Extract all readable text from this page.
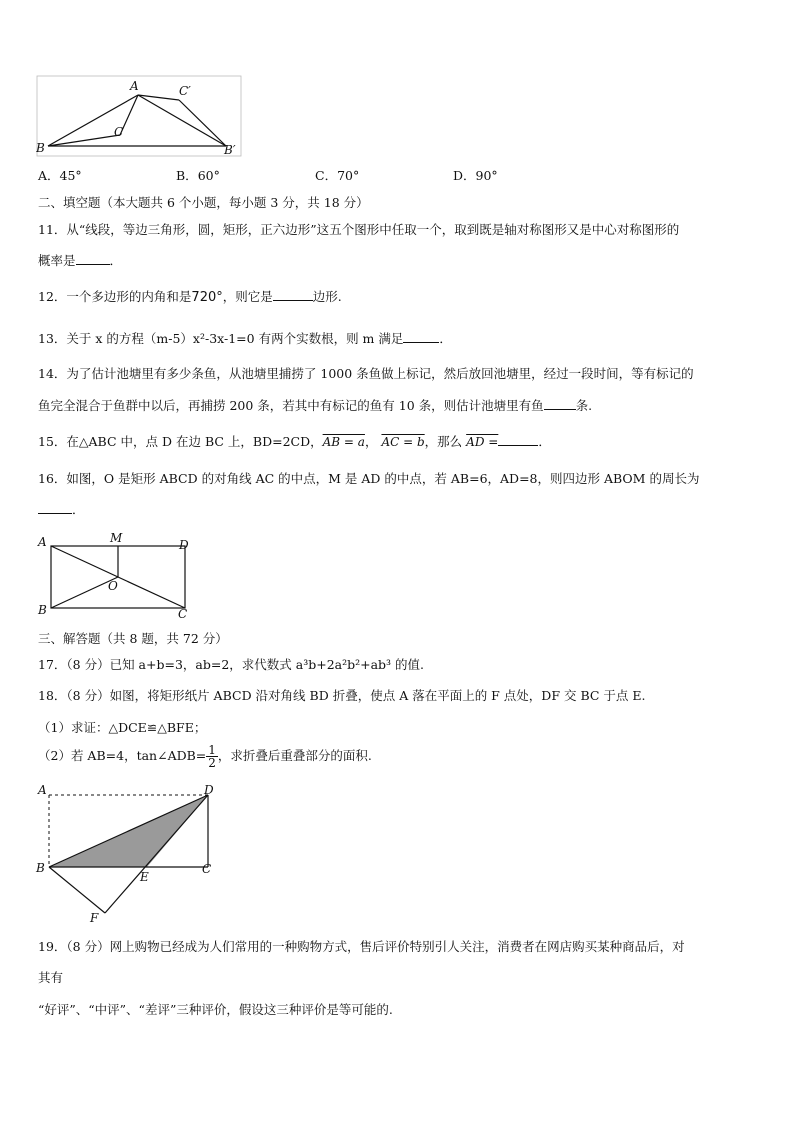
A	C′
C
B	B′
A．45°	B．60°	C．70°	D．90°
二、填空题（本大题共 6 个小题，每小题 3 分，共 18 分）
11．从“线段，等边三角形，圆，矩形，正六边形”这五个图形中任取一个，取到既是轴对称图形又是中心对称图形的
概率是	．
12．一个多边形的内角和是720°，则它是	边形.
13．关于 x 的方程（m-5）x²-3x-1=0 有两个实数根，则 m 满足	．
14．为了估计池塘里有多少条鱼，从池塘里捕捞了 1000 条鱼做上标记，然后放回池塘里，经过一段时间，等有标记的
鱼完全混合于鱼群中以后，再捕捞 200 条，若其中有标记的鱼有 10 条，则估计池塘里有鱼	条.
15．在△ABC 中，点 D 在边 BC 上，BD=2CD，AB = a， AC = b，那么 AD =	．
16．如图，O 是矩形 ABCD 的对角线 AC 的中点，M 是 AD 的中点，若 AB=6，AD=8，则四边形 ABOM 的周长为
．
A	M	D
O
B	C
三、解答题（共 8 题，共 72 分）
17．（8 分）已知 a+b=3，ab=2，求代数式 a³b+2a²b²+ab³ 的值.
18．（8 分）如图，将矩形纸片 ABCD 沿对角线 BD 折叠，使点 A 落在平面上的 F 点处，DF 交 BC 于点 E.
（1）求证：△DCE≌△BFE；
（2）若 AB=4，tan∠ADB= $\frac{1}{2}$ ，求折叠后重叠部分的面积.
A	D
B
E
C
F
19．（8 分）网上购物已经成为人们常用的一种购物方式，售后评价特别引人关注，消费者在网店购买某种商品后，对
其有
“好评”、“中评”、“差评”三种评价，假设这三种评价是等可能的.
